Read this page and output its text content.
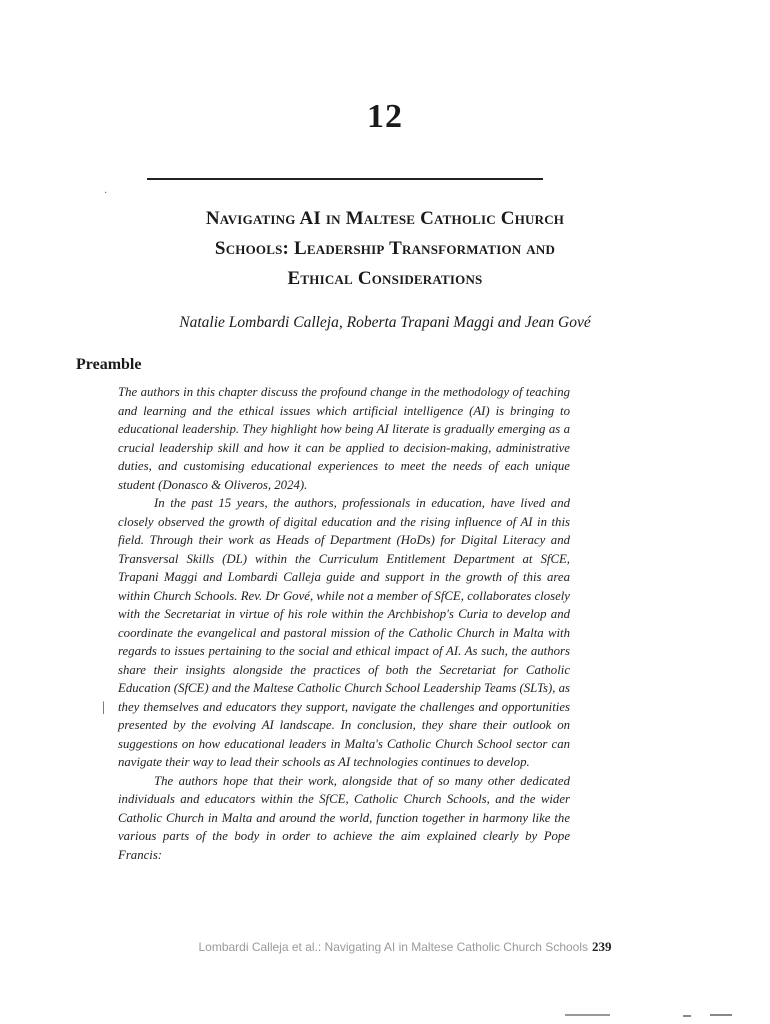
12
·
Navigating AI in Maltese Catholic Church
Schools: Leadership Transformation and
Ethical Considerations
Natalie Lombardi Calleja, Roberta Trapani Maggi and Jean Gové
Preamble

The authors in this chapter discuss the profound change in the methodology of teaching and learning and the ethical issues which artificial intelligence (AI) is bringing to educational leadership. They highlight how being AI literate is gradually emerging as a crucial leadership skill and how it can be applied to decision-making, administrative duties, and customising educational experiences to meet the needs of each unique student (Donasco & Oliveros, 2024).

In the past 15 years, the authors, professionals in education, have lived and closely observed the growth of digital education and the rising influence of AI in this field. Through their work as Heads of Department (HoDs) for Digital Literacy and Transversal Skills (DL) within the Curriculum Entitlement Department at SfCE, Trapani Maggi and Lombardi Calleja guide and support in the growth of this area within Church Schools. Rev. Dr Gové, while not a member of SfCE, collaborates closely with the Secretariat in virtue of his role within the Archbishop's Curia to develop and coordinate the evangelical and pastoral mission of the Catholic Church in Malta with regards to issues pertaining to the social and ethical impact of AI. As such, the authors share their insights alongside the practices of both the Secretariat for Catholic Education (SfCE) and the Maltese Catholic Church School Leadership Teams (SLTs), as they themselves and educators they support, navigate the challenges and opportunities presented by the evolving AI landscape. In conclusion, they share their outlook on suggestions on how educational leaders in Malta's Catholic Church School sector can navigate their way to lead their schools as AI technologies continues to develop.

The authors hope that their work, alongside that of so many other dedicated individuals and educators within the SfCE, Catholic Church Schools, and the wider Catholic Church in Malta and around the world, function together in harmony like the various parts of the body in order to achieve the aim explained clearly by Pope Francis:

|
Lombardi Calleja et al.: Navigating AI in Maltese Catholic Church Schools 239
